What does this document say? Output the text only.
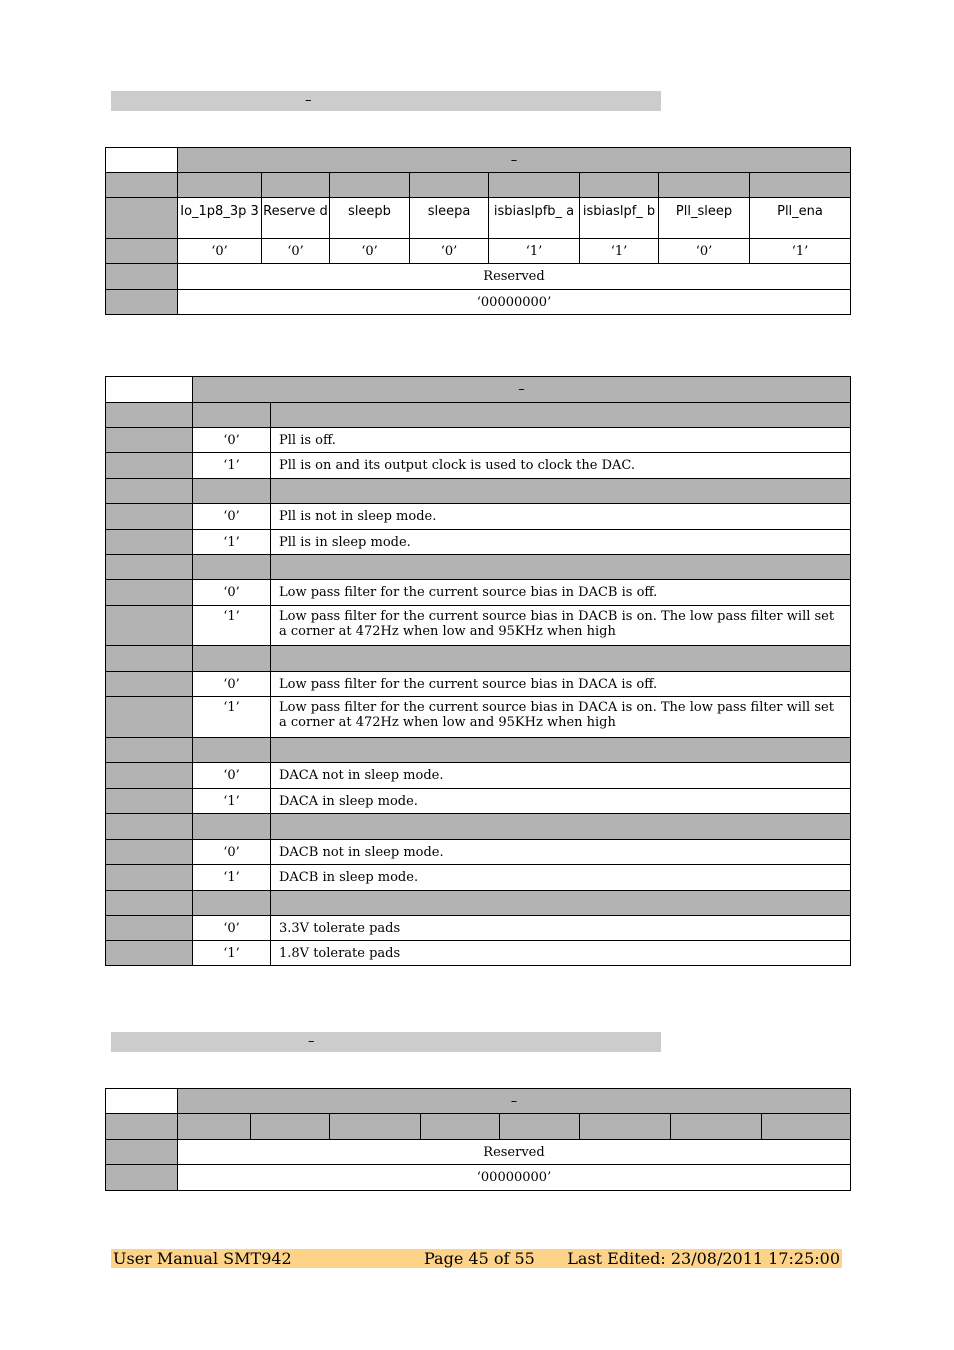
–
	–							

	Io_1p8_3p 3	Reserve d	sleepb	sleepa	isbiaslpfb_ a	isbiaslpf_ b	Pll_sleep	Pll_ena
	‘0’	‘0’	‘0’	‘0’	‘1’	‘1’	‘0’	‘1’
	Reserved							
	‘00000000’							
	–	

	‘0’	Pll is off.
	‘1’	Pll is on and its output clock is used to clock the DAC.

	‘0’	Pll is not in sleep mode.
	‘1’	Pll is in sleep mode.

	‘0’	Low pass filter for the current source bias in DACB is off.
	‘1’	Low pass filter for the current source bias in DACB is on. The low pass filter will set a corner at 472Hz when low and 95KHz when high

	‘0’	Low pass filter for the current source bias in DACA is off.
	‘1’	Low pass filter for the current source bias in DACA is on. The low pass filter will set a corner at 472Hz when low and 95KHz when high

	‘0’	DACA not in sleep mode.
	‘1’	DACA in sleep mode.

	‘0’	DACB not in sleep mode.
	‘1’	DACB in sleep mode.

	‘0’	3.3V tolerate pads
	‘1’	1.8V tolerate pads
–
	–							

	Reserved							
	‘00000000’							
User Manual SMT942	Page 45 of 55 Last Edited: 23/08/2011 17:25:00
